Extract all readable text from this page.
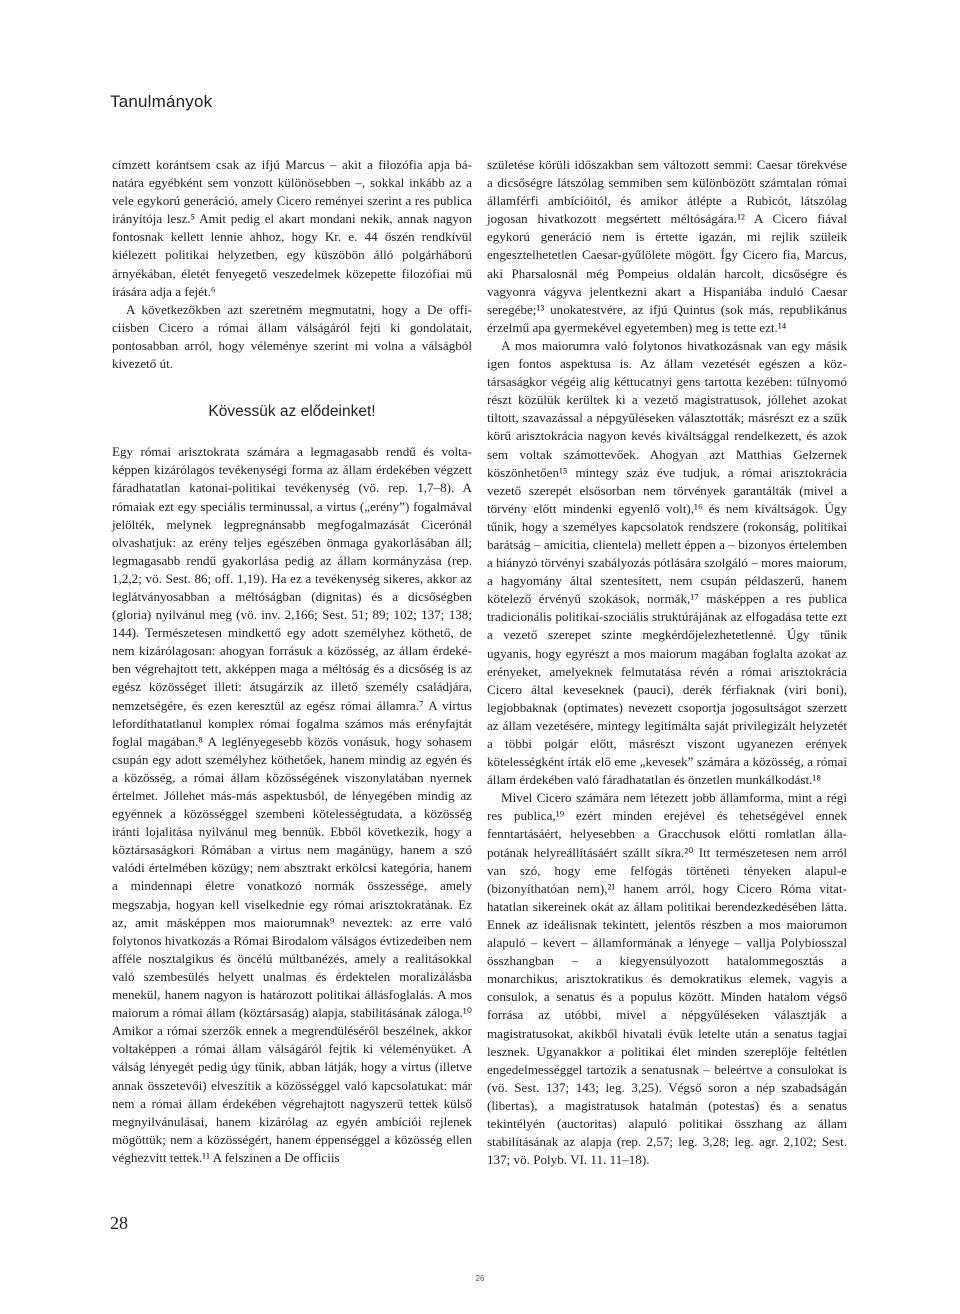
Tanulmányok

címzett korántsem csak az ifjú Marcus – akit a filozófia apja bánatára egyébként sem vonzott különösebben –, sokkal inkább az a vele egykorú generáció, amely Cicero reményei szerint a res publica irányítója lesz.⁵ Amit pedig el akart mondani nekik, annak nagyon fontosnak kellett lennie ahhoz, hogy Kr. e. 44 őszén rendkívül kiélezett politikai helyzetben, egy küszöbön álló polgárháború árnyékában, életét fenyegető veszedelmek közepette filozófiai mű írására adja a fejét.⁶

A következőkben azt szeretném megmutatni, hogy a De officiisben Cicero a római állam válságáról fejti ki gondolatait, pontosabban arról, hogy véleménye szerint mi volna a válságból kivezető út.

Kövessük az elődeinket!

Egy római arisztokrata számára a legmagasabb rendű és voltaképpen kizárólagos tevékenységi forma az állam érdekében végzett fáradhatatlan katonai-politikai tevékenység (vö. rep. 1,7–8). A rómaiak ezt egy speciális terminussal, a virtus („erény”) fogalmával jelölték, melynek legpregnánsabb megfogalmazását Cicerónál olvashatjuk: az erény teljes egészében önmaga gyakorlásában áll; legmagasabb rendű gyakorlása pedig az állam kormányzása (rep. 1,2,2; vö. Sest. 86; off. 1,19). Ha ez a tevékenység sikeres, akkor az leglátványosabban a méltóságban (dignitas) és a dicsőségben (gloria) nyilvánul meg (vö. inv. 2,166; Sest. 51; 89; 102; 137; 138; 144). Természetesen mindkettő egy adott személyhez köthető, de nem kizárólagosan: ahogyan forrásuk a közösség, az állam érdekében végrehajtott tett, akképpen maga a méltóság és a dicsőség is az egész közösséget illeti: átsugárzik az illető személy családjára, nemzetségére, és ezen keresztül az egész római államra.⁷ A virtus lefordíthatatlanul komplex római fogalma számos más erényfajtát foglal magában.⁸ A leglényegesebb közös vonásuk, hogy sohasem csupán egy adott személyhez köthetőek, hanem mindig az egyén és a közösség, a római állam közösségének viszonylatában nyernek értelmet. Jóllehet más-más aspektusból, de lényegében mindig az egyénnek a közösséggel szembeni kötelességtudata, a közösség iránti lojalitása nyilvánul meg bennük. Ebből következik, hogy a köztársaságkori Rómában a virtus nem magánügy, hanem a szó valódi értelmében közügy; nem absztrakt erkölcsi kategória, hanem a mindennapi életre vonatkozó normák összessége, amely megszabja, hogyan kell viselkednie egy római arisztokratának. Ez az, amit másképpen mos maiorumnak⁹ neveztek: az erre való folytonos hivatkozás a Római Birodalom válságos évtizedeiben nem afféle nosztalgikus és öncélú múltbanézés, amely a realitásokkal való szembesülés helyett unalmas és érdektelen moralizálásba menekül, hanem nagyon is határozott politikai állásfoglalás. A mos maiorum a római állam (köztársaság) alapja, stabilitásának záloga.¹⁰ Amikor a római szerzők ennek a megrendüléséről beszélnek, akkor voltaképpen a római állam válságáról fejtik ki véleményüket. A válság lényegét pedig úgy tűnik, abban látják, hogy a virtus (illetve annak összetevői) elveszítik a közösséggel való kapcsolatukat: már nem a római állam érdekében végrehajtott nagyszerű tettek külső megnyilvánulásai, hanem kizárólag az egyén ambíciói rejlenek mögöttük; nem a közösségért, hanem éppenséggel a közösség ellen véghezvitt tettek.¹¹ A felszínen a De officiis

születése körüli időszakban sem változott semmi: Caesar törekvése a dicsőségre látszólag semmiben sem különbözött számtalan római államférfi ambícióitól, és amikor átlépte a Rubicót, látszólag jogosan hivatkozott megsértett méltóságára.¹² A Cicero fiával egykorú generáció nem is értette igazán, mi rejlik szüleik engesztelhetetlen Caesar-gyűlölete mögött. Így Cicero fia, Marcus, aki Pharsalosnál még Pompeius oldalán harcolt, dicsőségre és vagyonra vágyva jelentkezni akart a Hispaniába induló Caesar seregébe;¹³ unokatestvére, az ifjú Quintus (sok más, republikánus érzelmű apa gyermekével egyetemben) meg is tette ezt.¹⁴

A mos maiorumra való folytonos hivatkozásnak van egy másik igen fontos aspektusa is. Az állam vezetését egészen a köztársaságkor végéig alig kéttucatnyi gens tartotta kezében: túlnyomó részt közülük kerültek ki a vezető magistratusok, jóllehet azokat tiltott, szavazással a népgyűléseken választották; másrészt ez a szűk körű arisztokrácia nagyon kevés kiváltsággal rendelkezett, és azok sem voltak számottevőek. Ahogyan azt Matthias Gelzernek köszönhetően¹⁵ mintegy száz éve tudjuk, a római arisztokrácia vezető szerepét elsősorban nem törvények garantálták (mivel a törvény előtt mindenki egyenlő volt),¹⁶ és nem kiváltságok. Úgy tűnik, hogy a személyes kapcsolatok rendszere (rokonság, politikai barátság – amicitia, clientela) mellett éppen a – bizonyos értelemben a hiányzó törvényi szabályozás pótlására szolgáló – mores maiorum, a hagyomány által szentesített, nem csupán példaszerű, hanem kötelező érvényű szokások, normák,¹⁷ másképpen a res publica tradicionális politikai-szociális struktúrájának az elfogadása tette ezt a vezető szerepet szinte megkérdőjelezhetetlenné. Úgy tűnik ugyanis, hogy egyrészt a mos maiorum magában foglalta azokat az erényeket, amelyeknek felmutatása révén a római arisztokrácia Cicero által keveseknek (pauci), derék férfiaknak (viri boni), legjobbaknak (optimates) nevezett csoportja jogosultságot szerzett az állam vezetésére, mintegy legitimálta saját privilegizált helyzetét a többi polgár előtt, másrészt viszont ugyanezen erények kötelességként írták elő eme „kevesek” számára a közösség, a római állam érdekében való fáradhatatlan és önzetlen munkálkodást.¹⁸

Mivel Cicero számára nem létezett jobb államforma, mint a régi res publica,¹⁹ ezért minden erejével és tehetségével ennek fenntartásáért, helyesebben a Gracchusok előtti romlatlan állapotának helyreállításáért szállt síkra.²⁰ Itt természetesen nem arról van szó, hogy eme felfogás történeti tényeken alapul-e (bizonyíthatóan nem),²¹ hanem arról, hogy Cicero Róma vitathatatlan sikereinek okát az állam politikai berendezkedésében látta. Ennek az ideálisnak tekintett, jelentős részben a mos maiorumon alapuló – kevert – államformának a lényege – vallja Polybiosszal összhangban – a kiegyensúlyozott hatalommegosztás a monarchikus, arisztokratikus és demokratikus elemek, vagyis a consulok, a senatus és a populus között. Minden hatalom végső forrása az utóbbi, mivel a népgyűléseken választják a magistratusokat, akikből hivatali évük letelte után a senatus tagjai lesznek. Ugyanakkor a politikai élet minden szereplője feltétlen engedelmességgel tartozik a senatusnak – beleértve a consulokat is (vö. Sest. 137; 143; leg. 3,25). Végső soron a nép szabadságán (libertas), a magistratusok hatalmán (potestas) és a senatus tekintélyén (auctoritas) alapuló politikai összhang az állam stabilitásának az alapja (rep. 2,57; leg. 3,28; leg. agr. 2,102; Sest. 137; vö. Polyb. VI. 11. 11–18).

28
26
